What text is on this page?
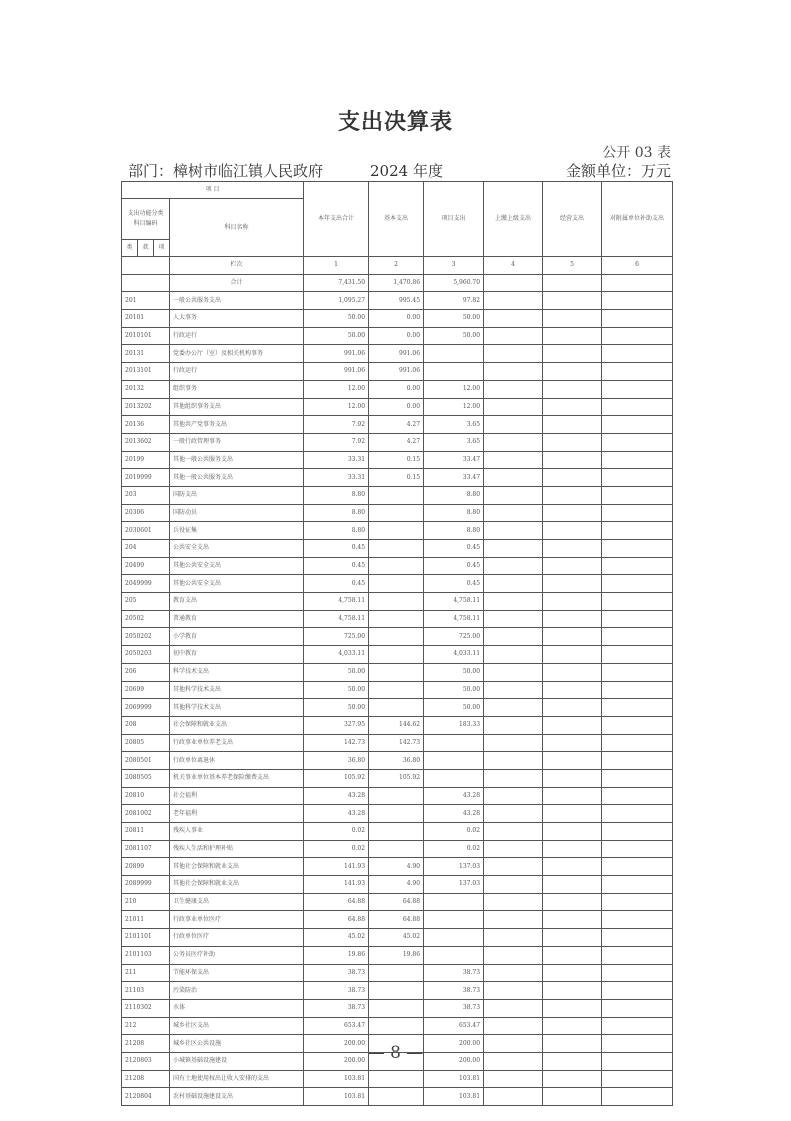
支出决算表
公开 03 表
部门：樟树市临江镇人民政府	2024 年度	金额单位：万元
项 目				本年支出合计	基本支出	项目支出	上缴上级支出	经营支出	对附属单位补助支出
支出功能分类科目编码			科目名称						
类	款	项							
			栏次	1	2	3	4	5	6
			合计	7,431.50	1,470.86	5,960.70			
201			一般公共服务支出	1,095.27	995.45	97.82			
20101			人大事务	50.00	0.00	50.00			
2010101			行政运行	50.00	0.00	50.00			
20131			党委办公厅（室）及相关机构事务	991.06	991.06				
2013101			行政运行	991.06	991.06				
20132			组织事务	12.00	0.00	12.00			
2013202			其他组织事务支出	12.00	0.00	12.00			
20136			其他共产党事务支出	7.92	4.27	3.65			
2013602			一般行政管理事务	7.92	4.27	3.65			
20199			其他一般公共服务支出	33.31	0.15	33.47			
2019999			其他一般公共服务支出	33.31	0.15	33.47			
203			国防支出	8.80		8.80			
20306			国防动员	8.80		8.80			
2030601			兵役征集	8.80		8.80			
204			公共安全支出	0.45		0.45			
20499			其他公共安全支出	0.45		0.45			
2049999			其他公共安全支出	0.45		0.45			
205			教育支出	4,758.11		4,758.11			
20502			普通教育	4,758.11		4,758.11			
2050202			小学教育	725.00		725.00			
2050203			初中教育	4,033.11		4,033.11			
206			科学技术支出	50.00		50.00			
20699			其他科学技术支出	50.00		50.00			
2069999			其他科学技术支出	50.00		50.00			
208			社会保障和就业支出	327.95	144.62	183.33			
20805			行政事业单位养老支出	142.73	142.73				
2080501			行政单位离退休	36.80	36.80				
2080505			机关事业单位基本养老保险缴费支出	105.92	105.92				
20810			社会福利	43.28		43.28			
2081002			老年福利	43.28		43.28			
20811			残疾人事业	0.02		0.02			
2081107			残疾人生活和护理补贴	0.02		0.02			
20899			其他社会保障和就业支出	141.93	4.90	137.03			
2089999			其他社会保障和就业支出	141.93	4.90	137.03			
210			卫生健康支出	64.88	64.88				
21011			行政事业单位医疗	64.88	64.88				
2101101			行政单位医疗	45.02	45.02				
2101103			公务员医疗补助	19.86	19.86				
211			节能环保支出	38.73		38.73			
21103			污染防治	38.73		38.73			
2110302			水体	38.73		38.73			
212			城乡社区支出	653.47		653.47			
21208			城乡社区公共设施	200.00		200.00			
2120803			小城镇基础设施建设	200.00		200.00			
21208			国有土地使用权出让收入安排的支出	103.81		103.81			
2120804			农村基础设施建设支出	103.81		103.81			
— 8 —
